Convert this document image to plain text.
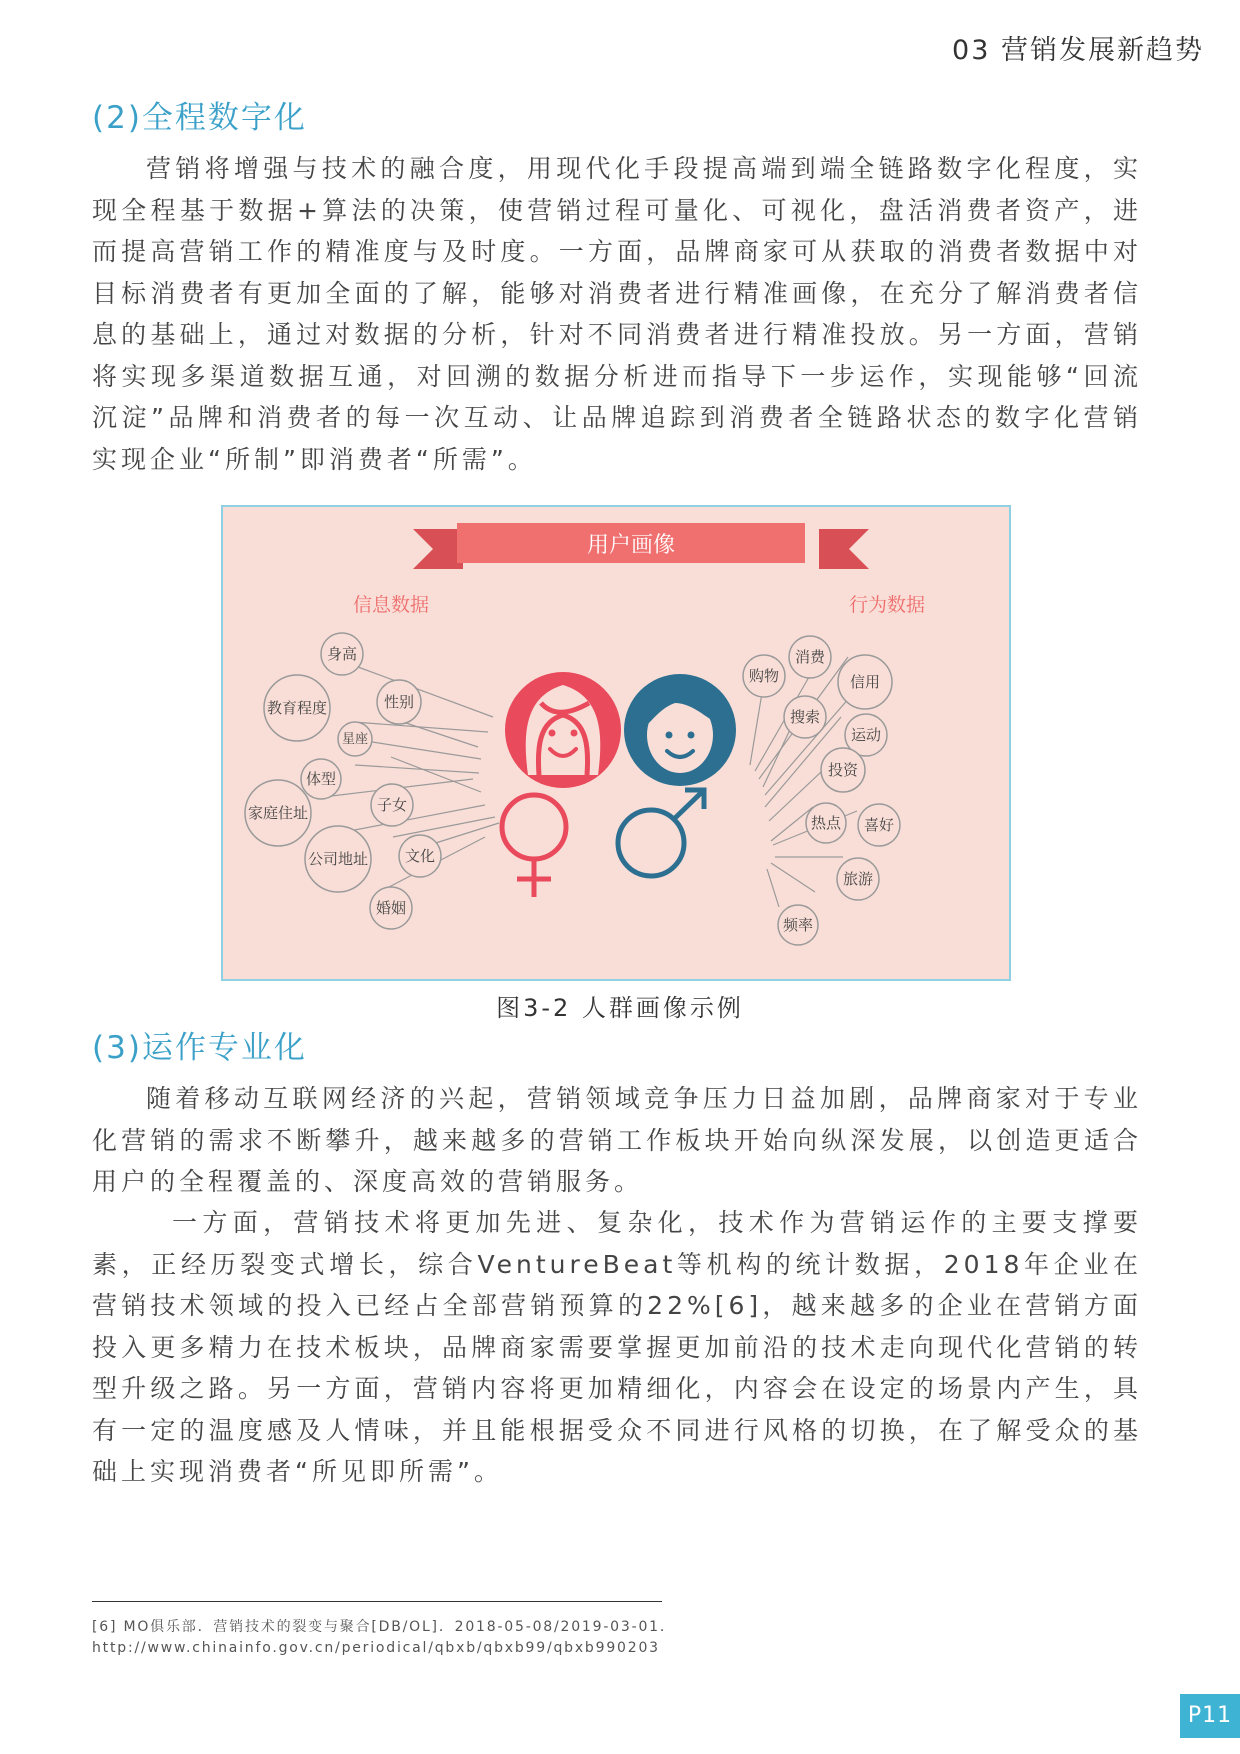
03 营销发展新趋势
(2)全程数字化

营销将增强与技术的融合度，用现代化手段提高端到端全链路数字化程度，实现全程基于数据+算法的决策，使营销过程可量化、可视化，盘活消费者资产，进而提高营销工作的精准度与及时度。一方面，品牌商家可从获取的消费者数据中对目标消费者有更加全面的了解，能够对消费者进行精准画像，在充分了解消费者信息的基础上，通过对数据的分析，针对不同消费者进行精准投放。另一方面，营销将实现多渠道数据互通，对回溯的数据分析进而指导下一步运作，实现能够“回流沉淀”品牌和消费者的每一次互动、让品牌追踪到消费者全链路状态的数字化营销实现企业“所制”即消费者“所需”。

用户画像
信息数据	行为数据
身高
教育程度	性别
星座
体型
家庭住址	子女
公司地址 文化
婚姻
购物
消费
信用
搜索
运动
投资
热点 喜好
旅游
频率
图3-2 人群画像示例
(3)运作专业化

随着移动互联网经济的兴起，营销领域竞争压力日益加剧，品牌商家对于专业化营销的需求不断攀升，越来越多的营销工作板块开始向纵深发展，以创造更适合用户的全程覆盖的、深度高效的营销服务。

一方面，营销技术将更加先进、复杂化，技术作为营销运作的主要支撑要素，正经历裂变式增长，综合VentureBeat等机构的统计数据，2018年企业在营销技术领域的投入已经占全部营销预算的22%[6]，越来越多的企业在营销方面投入更多精力在技术板块，品牌商家需要掌握更加前沿的技术走向现代化营销的转型升级之路。另一方面，营销内容将更加精细化，内容会在设定的场景内产生，具有一定的温度感及人情味，并且能根据受众不同进行风格的切换，在了解受众的基础上实现消费者“所见即所需”。

[6] MO俱乐部．营销技术的裂变与聚合[DB/OL]．2018-05-08/2019-03-01．
http://www.chinainfo.gov.cn/periodical/qbxb/qbxb99/qbxb990203
P11
